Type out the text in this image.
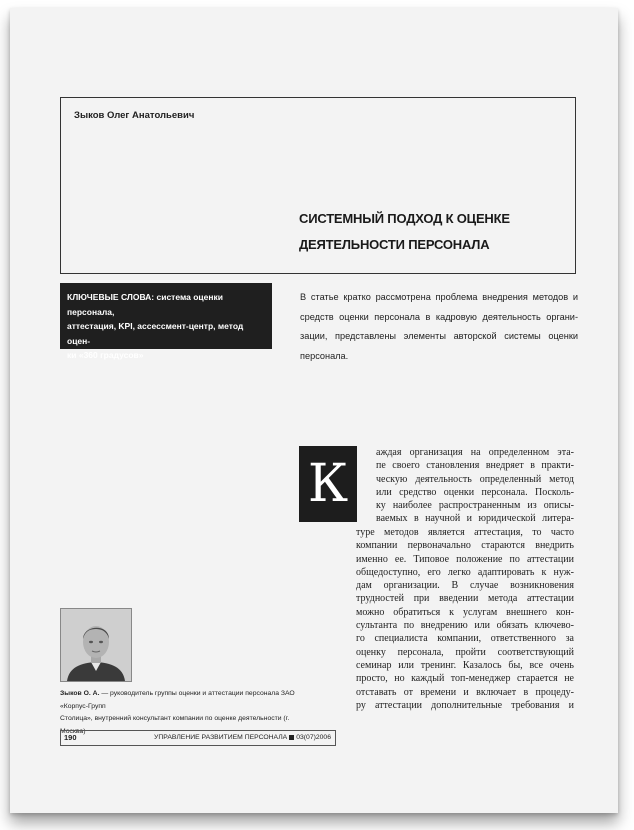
Зыков Олег Анатольевич
СИСТЕМНЫЙ ПОДХОД К ОЦЕНКЕ
ДЕЯТЕЛЬНОСТИ ПЕРСОНАЛА
КЛЮЧЕВЫЕ СЛОВА: система оценки персонала,
аттестация, KPI, ассессмент-центр, метод оцен-
ки «360 градусов»
В статье кратко рассмотрена проблема внедрения методов и
средств оценки персонала в кадровую деятельность органи-
зации, представлены элементы авторской системы оценки
персонала.
К
аждая организация на определенном эта-
пе своего становления внедряет в практи-
ческую деятельность определенный метод
или средство оценки персонала. Посколь-
ку наиболее распространенным из описы-
ваемых в научной и юридической литера-
туре методов является аттестация, то часто
компании первоначально стараются внедрить
именно ее. Типовое положение по аттестации
общедоступно, его легко адаптировать к нуж-
дам организации. В случае возникновения
трудностей при введении метода аттестации
можно обратиться к услугам внешнего кон-
сультанта по внедрению или обязать ключево-
го специалиста компании, ответственного за
оценку персонала, пройти соответствующий
семинар или тренинг. Казалось бы, все очень
просто, но каждый топ-менеджер старается не
отставать от времени и включает в процеду-
ру аттестации дополнительные требования и
Зыков О. А. — руководитель группы оценки и аттестации персонала ЗАО «Корпус-Групп
Столица», внутренний консультант компании по оценке деятельности (г. Москва)
190	УПРАВЛЕНИЕ РАЗВИТИЕМ ПЕРСОНАЛА 03(07)2006
